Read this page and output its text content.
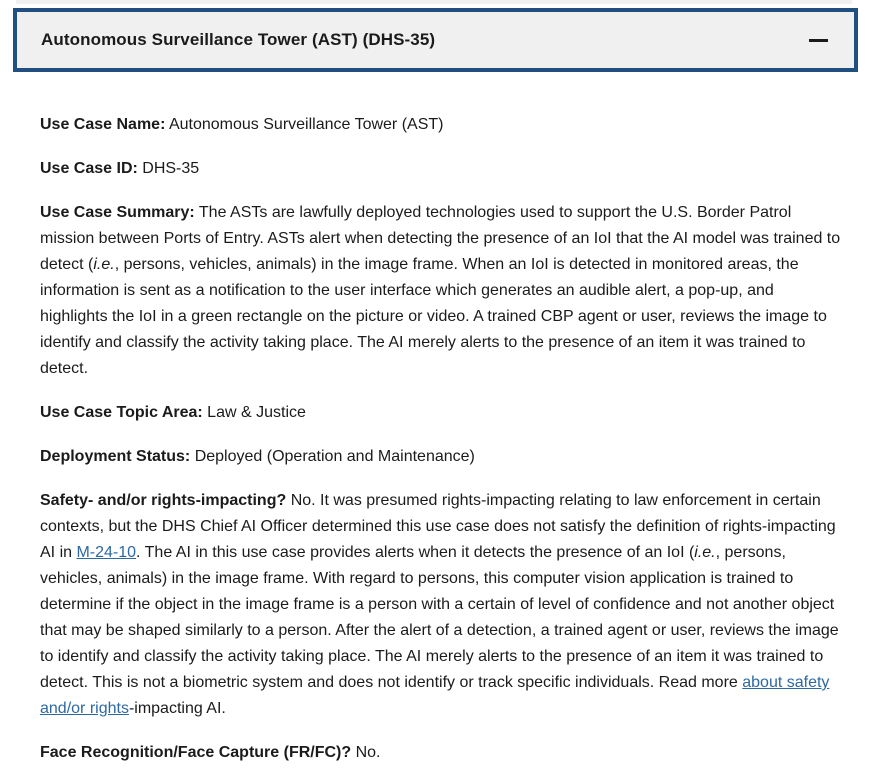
Autonomous Surveillance Tower (AST) (DHS-35)

Use Case Name: Autonomous Surveillance Tower (AST)

Use Case ID: DHS-35

Use Case Summary: The ASTs are lawfully deployed technologies used to support the U.S. Border Patrol mission between Ports of Entry. ASTs alert when detecting the presence of an IoI that the AI model was trained to detect (i.e., persons, vehicles, animals) in the image frame. When an IoI is detected in monitored areas, the information is sent as a notification to the user interface which generates an audible alert, a pop-up, and highlights the IoI in a green rectangle on the picture or video. A trained CBP agent or user, reviews the image to identify and classify the activity taking place. The AI merely alerts to the presence of an item it was trained to detect.

Use Case Topic Area: Law & Justice

Deployment Status: Deployed (Operation and Maintenance)

Safety- and/or rights-impacting? No. It was presumed rights-impacting relating to law enforcement in certain contexts, but the DHS Chief AI Officer determined this use case does not satisfy the definition of rights-impacting AI in M-24-10. The AI in this use case provides alerts when it detects the presence of an IoI (i.e., persons, vehicles, animals) in the image frame. With regard to persons, this computer vision application is trained to determine if the object in the image frame is a person with a certain of level of confidence and not another object that may be shaped similarly to a person. After the alert of a detection, a trained agent or user, reviews the image to identify and classify the activity taking place. The AI merely alerts to the presence of an item it was trained to detect. This is not a biometric system and does not identify or track specific individuals. Read more about safety and/or rights-impacting AI.

Face Recognition/Face Capture (FR/FC)? No.
